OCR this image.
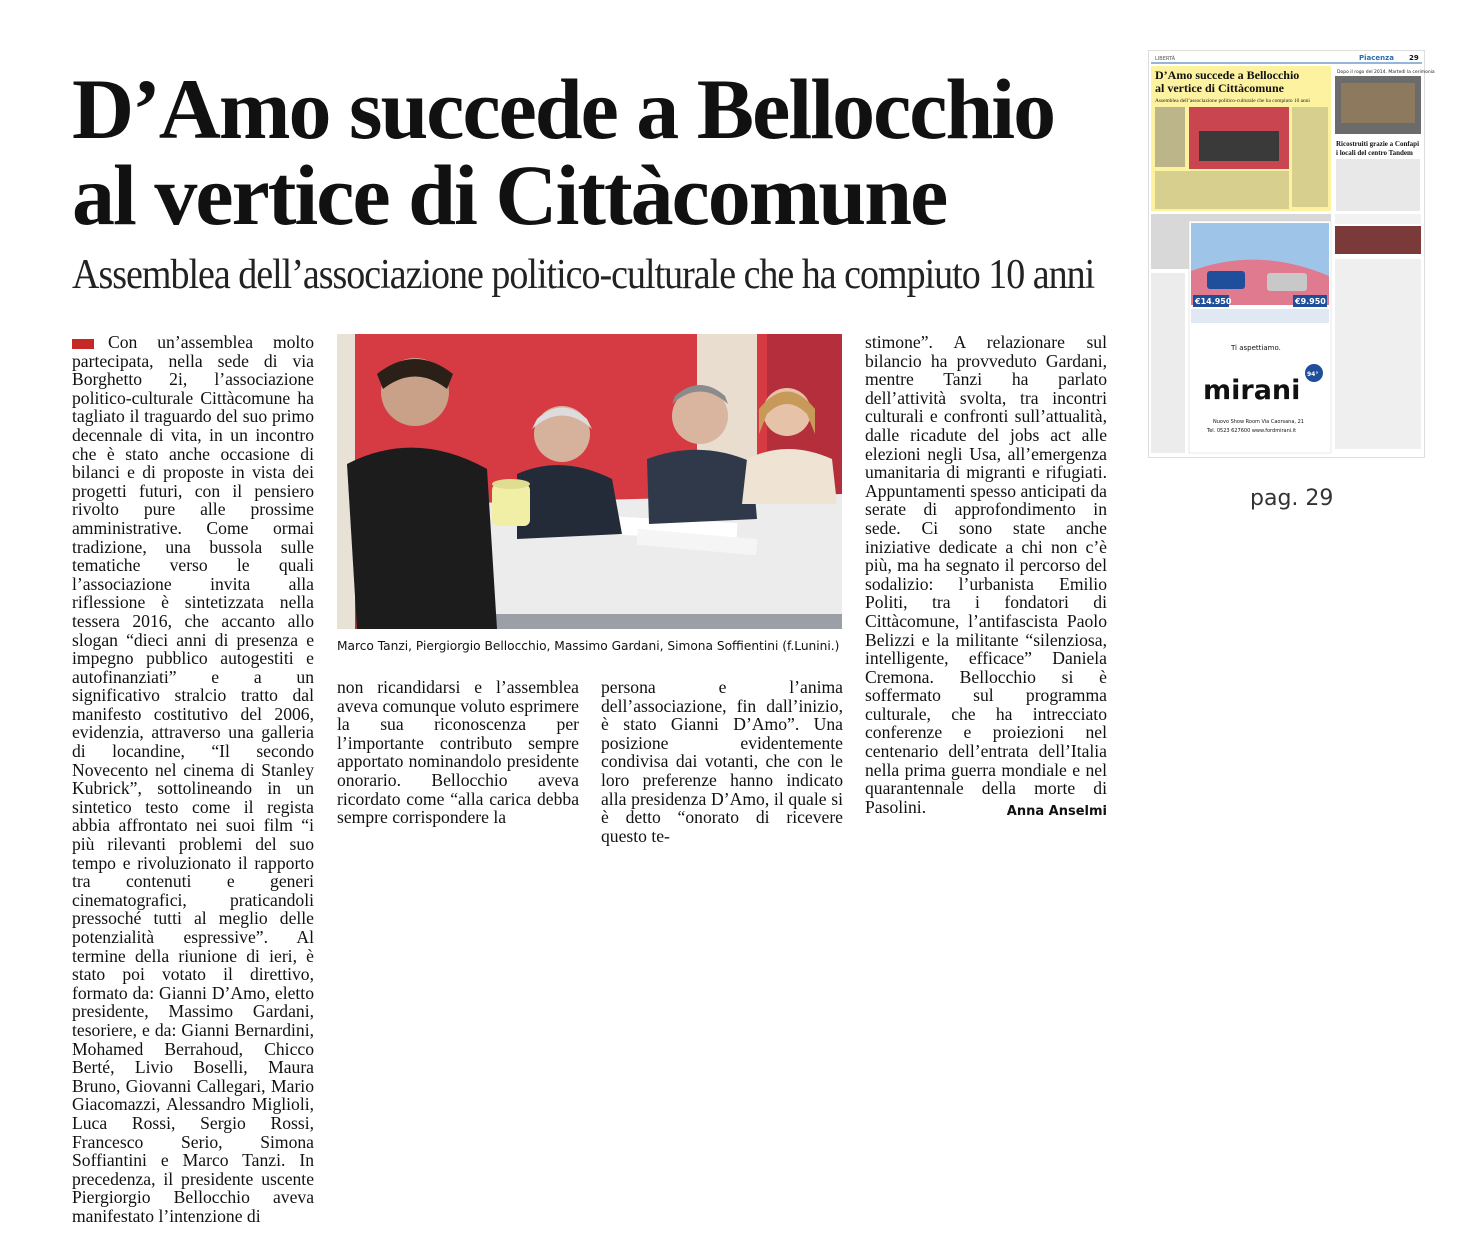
D’Amo succede a Bellocchio
al vertice di Cittàcomune
Assemblea dell’associazione politico-culturale che ha compiuto 10 anni

Con un’assemblea molto partecipata, nella sede di via Borghetto 2i, l’associazione politico-culturale Cittàcomune ha tagliato il traguardo del suo primo decennale di vita, in un incontro che è stato anche occasione di bilanci e di proposte in vista dei progetti futuri, con il pensiero rivolto pure alle prossime amministrative. Come ormai tradizione, una bussola sulle tematiche verso le quali l’associazione invita alla riflessione è sintetizzata nella tessera 2016, che accanto allo slogan “dieci anni di presenza e impegno pubblico autogestiti e autofinanziati” e a un significativo stralcio tratto dal manifesto costitutivo del 2006, evidenzia, attraverso una galleria di locandine, “Il secondo Novecento nel cinema di Stanley Kubrick”, sottolineando in un sintetico testo come il regista abbia affrontato nei suoi film “i più rilevanti problemi del suo tempo e rivoluzionato il rapporto tra contenuti e generi cinematografici, praticandoli pressoché tutti al meglio delle potenzialità espressive”. Al termine della riunione di ieri, è stato poi votato il direttivo, formato da: Gianni D’Amo, eletto presidente, Massimo Gardani, tesoriere, e da: Gianni Bernardini, Mohamed Berrahoud, Chicco Berté, Livio Boselli, Maura Bruno, Giovanni Callegari, Mario Giacomazzi, Alessandro Miglioli, Luca Rossi, Sergio Rossi, Francesco Serio, Simona Soffiantini e Marco Tanzi. In precedenza, il presidente uscente Piergiorgio Bellocchio aveva manifestato l’intenzione di

Marco Tanzi, Piergiorgio Bellocchio, Massimo Gardani, Simona Soffientini (f.Lunini.)

non ricandidarsi e l’assemblea aveva comunque voluto esprimere la sua riconoscenza per l’importante contributo sempre apportato nominandolo presidente onorario. Bellocchio aveva ricordato come “alla carica debba sempre corrispondere la

persona e l’anima dell’associazione, fin dall’inizio, è stato Gianni D’Amo”. Una posizione evidentemente condivisa dai votanti, che con le loro preferenze hanno indicato alla presidenza D’Amo, il quale si è detto “onorato di ricevere questo te-

stimone”. A relazionare sul bilancio ha provveduto Gardani, mentre Tanzi ha parlato dell’attività svolta, tra incontri culturali e confronti sull’attualità, dalle ricadute del jobs act alle elezioni negli Usa, all’emergenza umanitaria di migranti e rifugiati. Appuntamenti spesso anticipati da serate di approfondimento in sede. Ci sono state anche iniziative dedicate a chi non c’è più, ma ha segnato il percorso del sodalizio: l’urbanista Emilio Politi, tra i fondatori di Cittàcomune, l’antifascista Paolo Belizzi e la militante “silenziosa, intelligente, efficace” Daniela Cremona. Bellocchio si è soffermato sul programma culturale, che ha intrecciato conferenze e proiezioni nel centenario dell’entrata dell’Italia nella prima guerra mondiale e nel quarantennale della morte di Pasolini.	Anna Anselmi

LIBERTÀ	Piacenza 29
D’Amo succede a Bellocchio
al vertice di Cittàcomune
Assemblea dell’associazione politico-culturale che ha compiuto 10 anni
Dopo il rogo del 2014. Martedì la cerimonia
Ricostruiti grazie a Confapi
i locali del centro Tandem
€14.950	€9.950
Ti aspettiamo.
mirani
94°
Nuovo Show Room Via Caorsana, 21
Tel. 0523 627600 www.fordmirani.it
pag. 29
